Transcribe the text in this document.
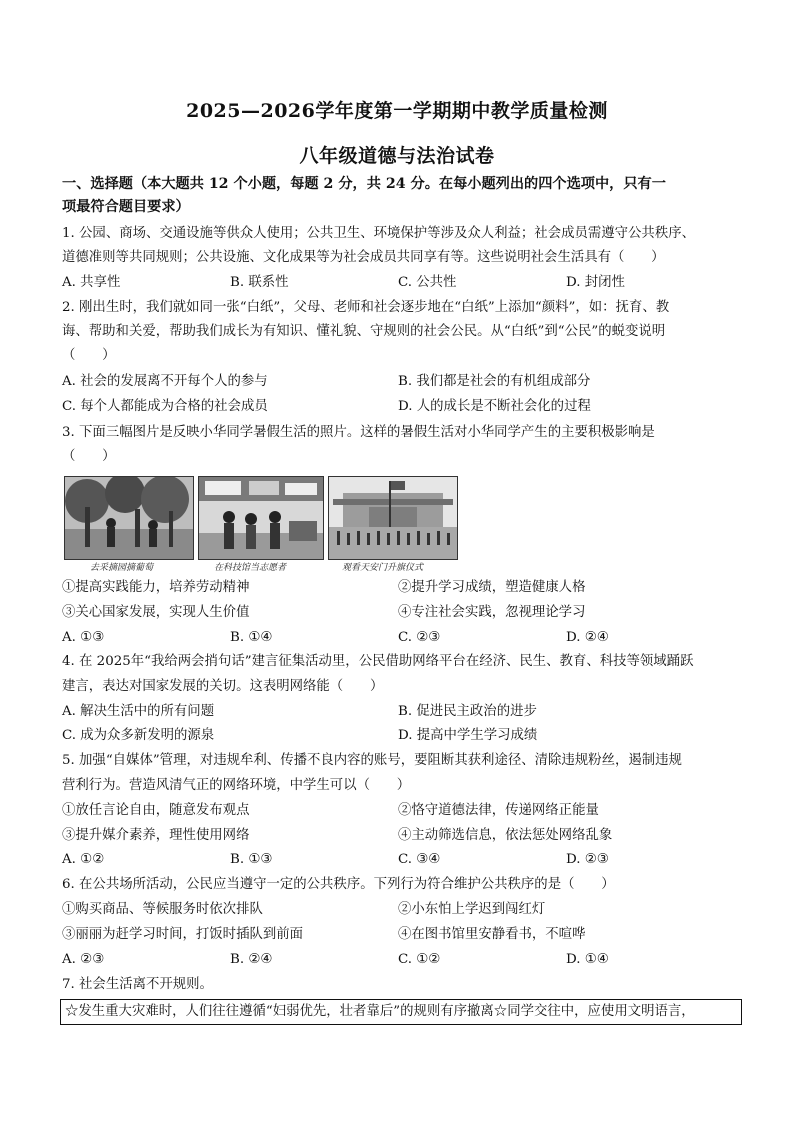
2025—2026学年度第一学期期中教学质量检测
八年级道德与法治试卷
一、选择题（本大题共 12 个小题，每题 2 分，共 24 分。在每小题列出的四个选项中，只有一
项最符合题目要求）
1. 公园、商场、交通设施等供众人使用；公共卫生、环境保护等涉及众人利益；社会成员需遵守公共秩序、
道德准则等共同规则；公共设施、文化成果等为社会成员共同享有等。这些说明社会生活具有（　　）
A. 共享性	B. 联系性	C. 公共性	D. 封闭性
2. 刚出生时，我们就如同一张“白纸”，父母、老师和社会逐步地在“白纸”上添加“颜料”，如：抚育、教
诲、帮助和关爱，帮助我们成长为有知识、懂礼貌、守规则的社会公民。从“白纸”到“公民”的蜕变说明
（　　）
A. 社会的发展离不开每个人的参与	B. 我们都是社会的有机组成部分
C. 每个人都能成为合格的社会成员	D. 人的成长是不断社会化的过程
3. 下面三幅图片是反映小华同学暑假生活的照片。这样的暑假生活对小华同学产生的主要积极影响是
（　　）
去采摘园摘葡萄	在科技馆当志愿者	观看天安门升旗仪式
①提高实践能力，培养劳动精神	②提升学习成绩，塑造健康人格
③关心国家发展，实现人生价值	④专注社会实践，忽视理论学习
A. ①③	B. ①④	C. ②③	D. ②④
4. 在 2025年“我给两会捎句话”建言征集活动里，公民借助网络平台在经济、民生、教育、科技等领域踊跃
建言，表达对国家发展的关切。这表明网络能（　　）
A. 解决生活中的所有问题	B. 促进民主政治的进步
C. 成为众多新发明的源泉	D. 提高中学生学习成绩
5. 加强“自媒体”管理，对违规牟利、传播不良内容的账号，要阻断其获利途径、清除违规粉丝，遏制违规
营利行为。营造风清气正的网络环境，中学生可以（　　）
①放任言论自由，随意发布观点	②恪守道德法律，传递网络正能量
③提升媒介素养，理性使用网络	④主动筛选信息，依法惩处网络乱象
A. ①②	B. ①③	C. ③④	D. ②③
6. 在公共场所活动，公民应当遵守一定的公共秩序。下列行为符合维护公共秩序的是（　　）
①购买商品、等候服务时依次排队	②小东怕上学迟到闯红灯
③丽丽为赶学习时间，打饭时插队到前面	④在图书馆里安静看书，不喧哗
A. ②③	B. ②④	C. ①②	D. ①④
7. 社会生活离不开规则。
☆发生重大灾难时，人们往往遵循“妇弱优先，壮者靠后”的规则有序撤离☆同学交往中，应使用文明语言，
